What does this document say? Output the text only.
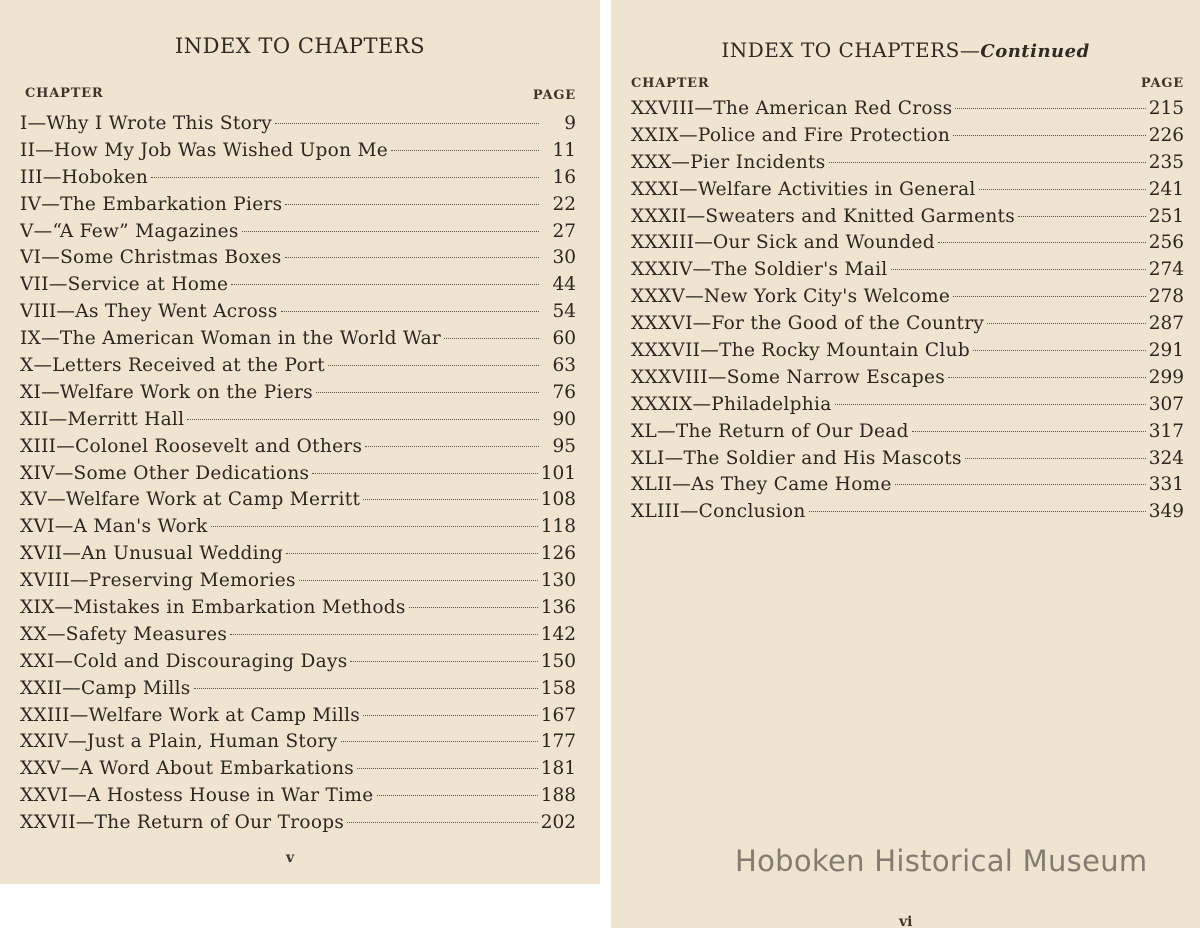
INDEX TO CHAPTERS
CHAPTER	PAGE
I—Why I Wrote This Story	9
II—How My Job Was Wished Upon Me	11
III—Hoboken	16
IV—The Embarkation Piers	22
V—“A Few” Magazines	27
VI—Some Christmas Boxes	30
VII—Service at Home	44
VIII—As They Went Across	54
IX—The American Woman in the World War	60
X—Letters Received at the Port	63
XI—Welfare Work on the Piers	76
XII—Merritt Hall	90
XIII—Colonel Roosevelt and Others	95
XIV—Some Other Dedications	101
XV—Welfare Work at Camp Merritt	108
XVI—A Man's Work	118
XVII—An Unusual Wedding	126
XVIII—Preserving Memories	130
XIX—Mistakes in Embarkation Methods	136
XX—Safety Measures	142
XXI—Cold and Discouraging Days	150
XXII—Camp Mills	158
XXIII—Welfare Work at Camp Mills	167
XXIV—Just a Plain, Human Story	177
XXV—A Word About Embarkations	181
XXVI—A Hostess House in War Time	188
XXVII—The Return of Our Troops	202
v
INDEX TO CHAPTERS—Continued
CHAPTER	PAGE
XXVIII—The American Red Cross	215
XXIX—Police and Fire Protection	226
XXX—Pier Incidents	235
XXXI—Welfare Activities in General	241
XXXII—Sweaters and Knitted Garments	251
XXXIII—Our Sick and Wounded	256
XXXIV—The Soldier's Mail	274
XXXV—New York City's Welcome	278
XXXVI—For the Good of the Country	287
XXXVII—The Rocky Mountain Club	291
XXXVIII—Some Narrow Escapes	299
XXXIX—Philadelphia	307
XL—The Return of Our Dead	317
XLI—The Soldier and His Mascots	324
XLII—As They Came Home	331
XLIII—Conclusion	349
Hoboken Historical Museum
vi
